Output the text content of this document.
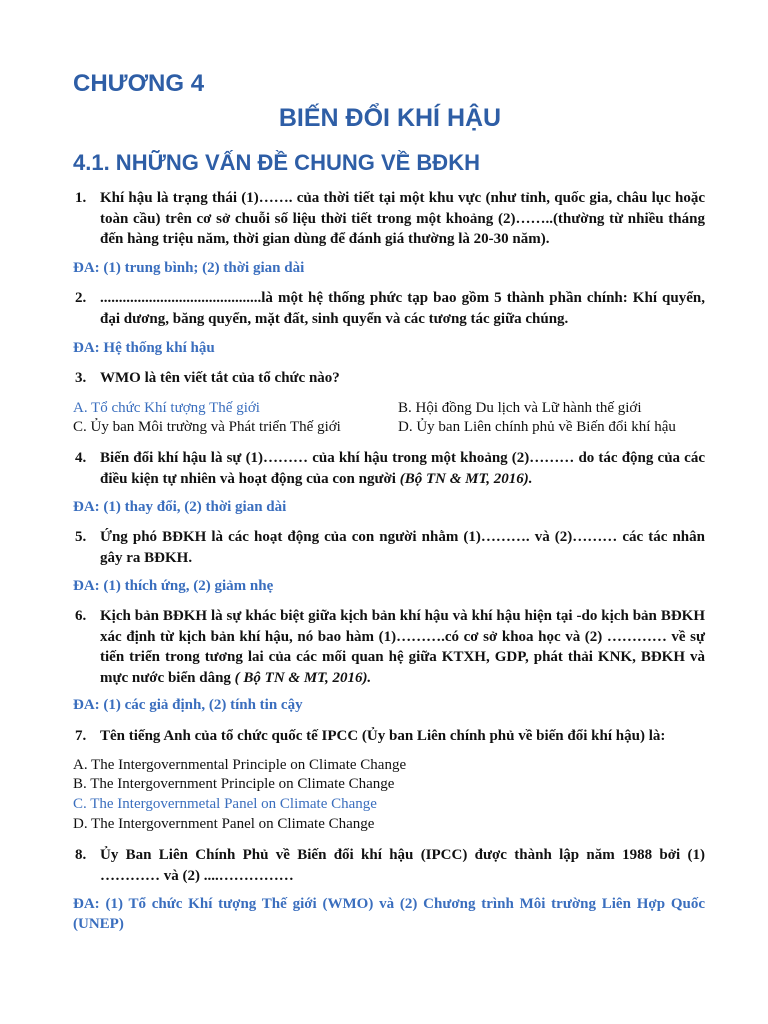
CHƯƠNG 4
BIẾN ĐỔI KHÍ HẬU
4.1. NHỮNG VẤN ĐỀ CHUNG VỀ BĐKH
1. Khí hậu là trạng thái (1)……. của thời tiết tại một khu vực (như tỉnh, quốc gia, châu lục hoặc toàn cầu) trên cơ sở chuỗi số liệu thời tiết trong một khoảng (2)……..(thường từ nhiều tháng đến hàng triệu năm, thời gian dùng để đánh giá thường là 20-30 năm).
ĐA: (1) trung bình; (2) thời gian dài
2. ...........................................là một hệ thống phức tạp bao gồm 5 thành phần chính: Khí quyển, đại dương, băng quyển, mặt đất, sinh quyển và các tương tác giữa chúng.
ĐA: Hệ thống khí hậu
3. WMO là tên viết tắt của tổ chức nào?
A. Tổ chức Khí tượng Thế giới	B. Hội đồng Du lịch và Lữ hành thế giới
C. Ủy ban Môi trường và Phát triển Thế giới	D. Ủy ban Liên chính phủ về Biến đổi khí hậu
4. Biến đổi khí hậu là sự (1)……… của khí hậu trong một khoảng (2)……… do tác động của các điều kiện tự nhiên và hoạt động của con người (Bộ TN & MT, 2016).
ĐA: (1) thay đổi, (2) thời gian dài
5. Ứng phó BĐKH là các hoạt động của con người nhằm (1)………. và (2)……… các tác nhân gây ra BĐKH.
ĐA: (1) thích ứng, (2) giảm nhẹ
6. Kịch bản BĐKH là sự khác biệt giữa kịch bản khí hậu và khí hậu hiện tại -do kịch bản BĐKH xác định từ kịch bản khí hậu, nó bao hàm (1)……….có cơ sở khoa học và (2) ………… về sự tiến triển trong tương lai của các mối quan hệ giữa KTXH, GDP, phát thải KNK, BĐKH và mực nước biển dâng ( Bộ TN & MT, 2016).
ĐA: (1) các giả định, (2) tính tin cậy
7. Tên tiếng Anh của tổ chức quốc tế IPCC (Ủy ban Liên chính phủ về biến đổi khí hậu) là:
A. The Intergovernmental Principle on Climate Change
B. The Intergovernment Principle on Climate Change
C. The Intergovernmetal Panel on Climate Change
D. The Intergovernment Panel on Climate Change
8. Ủy Ban Liên Chính Phủ về Biến đổi khí hậu (IPCC) được thành lập năm 1988 bởi (1) ………… và (2) ....……………
ĐA: (1) Tổ chức Khí tượng Thế giới (WMO) và (2) Chương trình Môi trường Liên Hợp Quốc (UNEP)
